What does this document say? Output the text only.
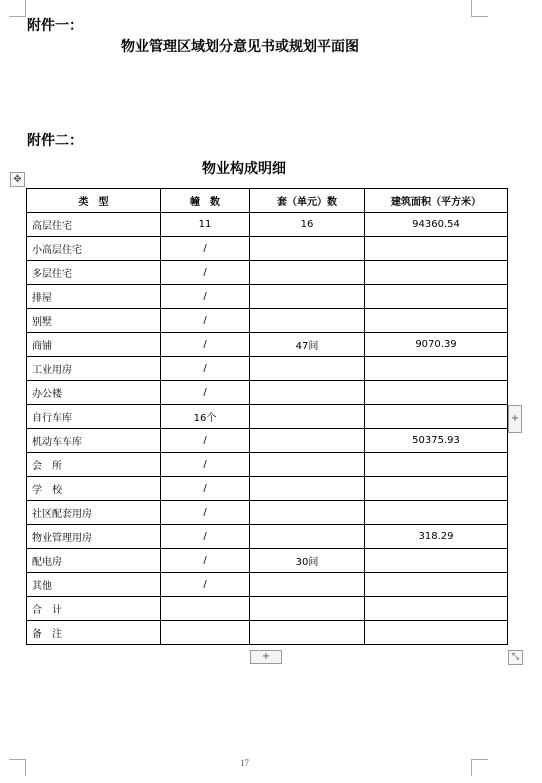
附件一：
物业管理区域划分意见书或规划平面图
附件二：
物业构成明细
✥
类　型	幢　数	套（单元）数	建筑面积（平方米）
高层住宅	11	16	94360.54
小高层住宅	/		
多层住宅	/		
排屋	/		
别墅	/		
商铺	/	47间	9070.39
工业用房	/		
办公楼	/		
自行车库	16个		
机动车车库	/		50375.93
会　所	/		
学　校	/		
社区配套用房	/		
物业管理用房	/		318.29
配电房	/	30间	
其他	/		
合　计			
备　注			
+
+	⤡
17
